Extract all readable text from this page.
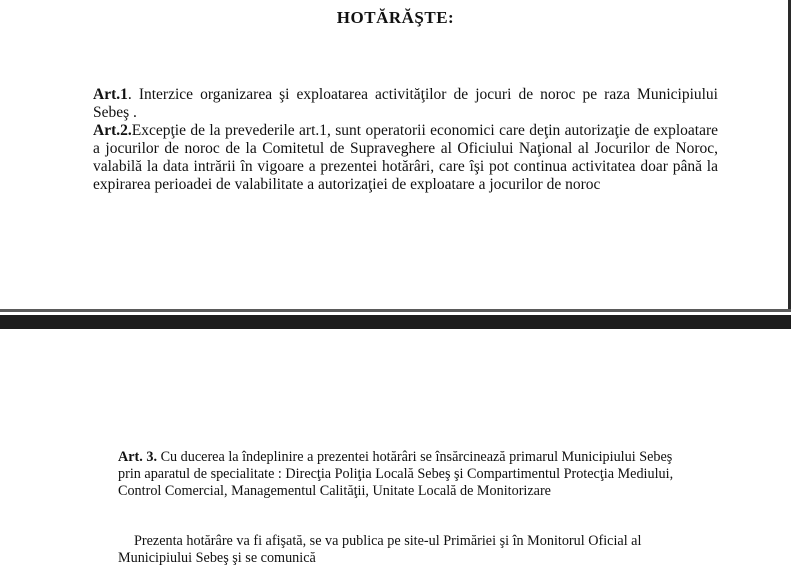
HOTĂRĂŞTE:
Art.1. Interzice organizarea şi exploatarea activităţilor de jocuri de noroc pe raza Municipiului Sebeş .
Art.2.Excepţie de la prevederile art.1, sunt operatorii economici care deţin autorizaţie de exploatare a jocurilor de noroc de la Comitetul de Supraveghere al Oficiului Naţional al Jocurilor de Noroc, valabilă la data intrării în vigoare a prezentei hotărâri, care îşi pot continua activitatea doar până la expirarea perioadei de valabilitate a autorizaţiei de exploatare a jocurilor de noroc
Art. 3. Cu ducerea la îndeplinire a prezentei hotărâri se însărcinează primarul Municipiului Sebeş
prin aparatul de specialitate : Direcţia Poliţia Locală Sebeş şi Compartimentul Protecţia Mediului,
Control Comercial, Managementul Calităţii, Unitate Locală de Monitorizare
Prezenta hotărâre va fi afişată, se va publica pe site-ul Primăriei şi în Monitorul Oficial al
Municipiului Sebeş şi se comunică
